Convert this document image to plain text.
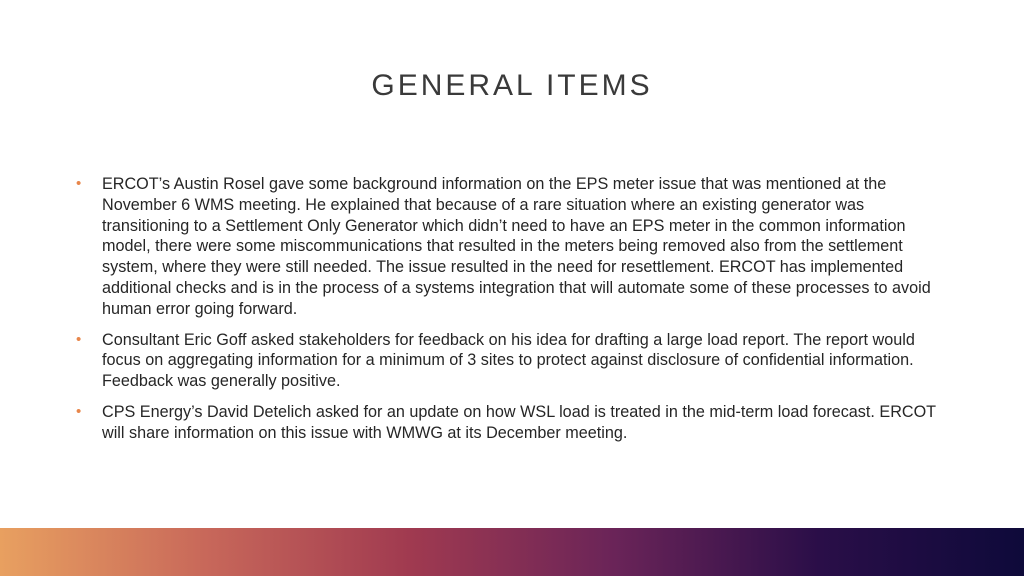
GENERAL ITEMS
• ERCOT’s Austin Rosel gave some background information on the EPS meter issue that was mentioned at the November 6 WMS meeting. He explained that because of a rare situation where an existing generator was transitioning to a Settlement Only Generator which didn’t need to have an EPS meter in the common information model, there were some miscommunications that resulted in the meters being removed also from the settlement system, where they were still needed. The issue resulted in the need for resettlement. ERCOT has implemented additional checks and is in the process of a systems integration that will automate some of these processes to avoid human error going forward.
• Consultant Eric Goff asked stakeholders for feedback on his idea for drafting a large load report. The report would focus on aggregating information for a minimum of 3 sites to protect against disclosure of confidential information. Feedback was generally positive.
• CPS Energy’s David Detelich asked for an update on how WSL load is treated in the mid-term load forecast. ERCOT will share information on this issue with WMWG at its December meeting.
